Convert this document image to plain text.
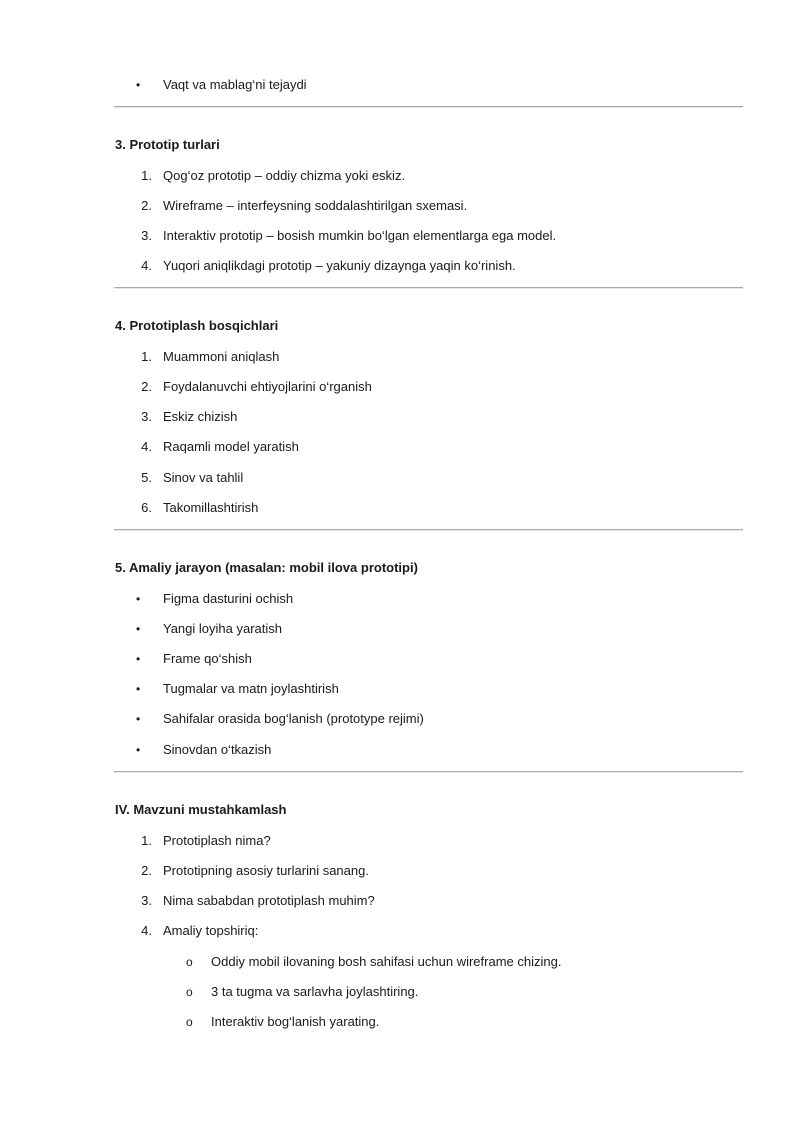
• Vaqt va mablag‘ni tejaydi
3. Prototip turlari
1. Qog‘oz prototip – oddiy chizma yoki eskiz.
2. Wireframe – interfeysning soddalashtirilgan sxemasi.
3. Interaktiv prototip – bosish mumkin bo‘lgan elementlarga ega model.
4. Yuqori aniqlikdagi prototip – yakuniy dizaynga yaqin ko‘rinish.
4. Prototiplash bosqichlari
1. Muammoni aniqlash
2. Foydalanuvchi ehtiyojlarini o‘rganish
3. Eskiz chizish
4. Raqamli model yaratish
5. Sinov va tahlil
6. Takomillashtirish
5. Amaliy jarayon (masalan: mobil ilova prototipi)
• Figma dasturini ochish
• Yangi loyiha yaratish
• Frame qo‘shish
• Tugmalar va matn joylashtirish
• Sahifalar orasida bog‘lanish (prototype rejimi)
• Sinovdan o‘tkazish
IV. Mavzuni mustahkamlash
1. Prototiplash nima?
2. Prototipning asosiy turlarini sanang.
3. Nima sababdan prototiplash muhim?
4. Amaliy topshiriq:
o Oddiy mobil ilovaning bosh sahifasi uchun wireframe chizing.
o 3 ta tugma va sarlavha joylashtiring.
o Interaktiv bog‘lanish yarating.
